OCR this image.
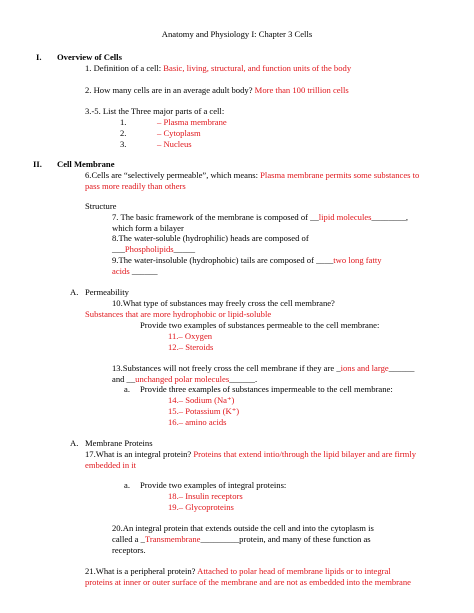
Anatomy and Physiology I: Chapter 3 Cells
I. Overview of Cells
1. Definition of a cell: Basic, living, structural, and function units of the body
2. How many cells are in an average adult body? More than 100 trillion cells
3.-5. List the Three major parts of a cell:
1.	– Plasma membrane
2.	– Cytoplasm
3.	– Nucleus
II. Cell Membrane
6.Cells are “selectively permeable”, which means: Plasma membrane permits some substances to
pass more readily than others
Structure
7. The basic framework of the membrane is composed of __lipid molecules________,
which form a bilayer
8.The water-soluble (hydrophilic) heads are composed of
___Phospholipids_____
9.The water-insoluble (hydrophobic) tails are composed of ____two long fatty
acids ______
A. Permeability
10.What type of substances may freely cross the cell membrane?
Substances that are more hydrophobic or lipid-soluble
Provide two examples of substances permeable to the cell membrane:
11.– Oxygen
12.– Steroids
13.Substances will not freely cross the cell membrane if they are _ions and large______
and __unchanged polar molecules______.
a. Provide three examples of substances impermeable to the cell membrane:
14.– Sodium (Na⁺)
15.– Potassium (K⁺)
16.– amino acids
A. Membrane Proteins
17.What is an integral protein? Proteins that extend intio/through the lipid bilayer and are firmly
embedded in it
a. Provide two examples of integral proteins:
18.– Insulin receptors
19.– Glycoproteins
20.An integral protein that extends outside the cell and into the cytoplasm is
called a _Transmembrane_________protein, and many of these function as
receptors.
21.What is a peripheral protein? Attached to polar head of membrane lipids or to integral
proteins at inner or outer surface of the membrane and are not as embedded into the membrane
